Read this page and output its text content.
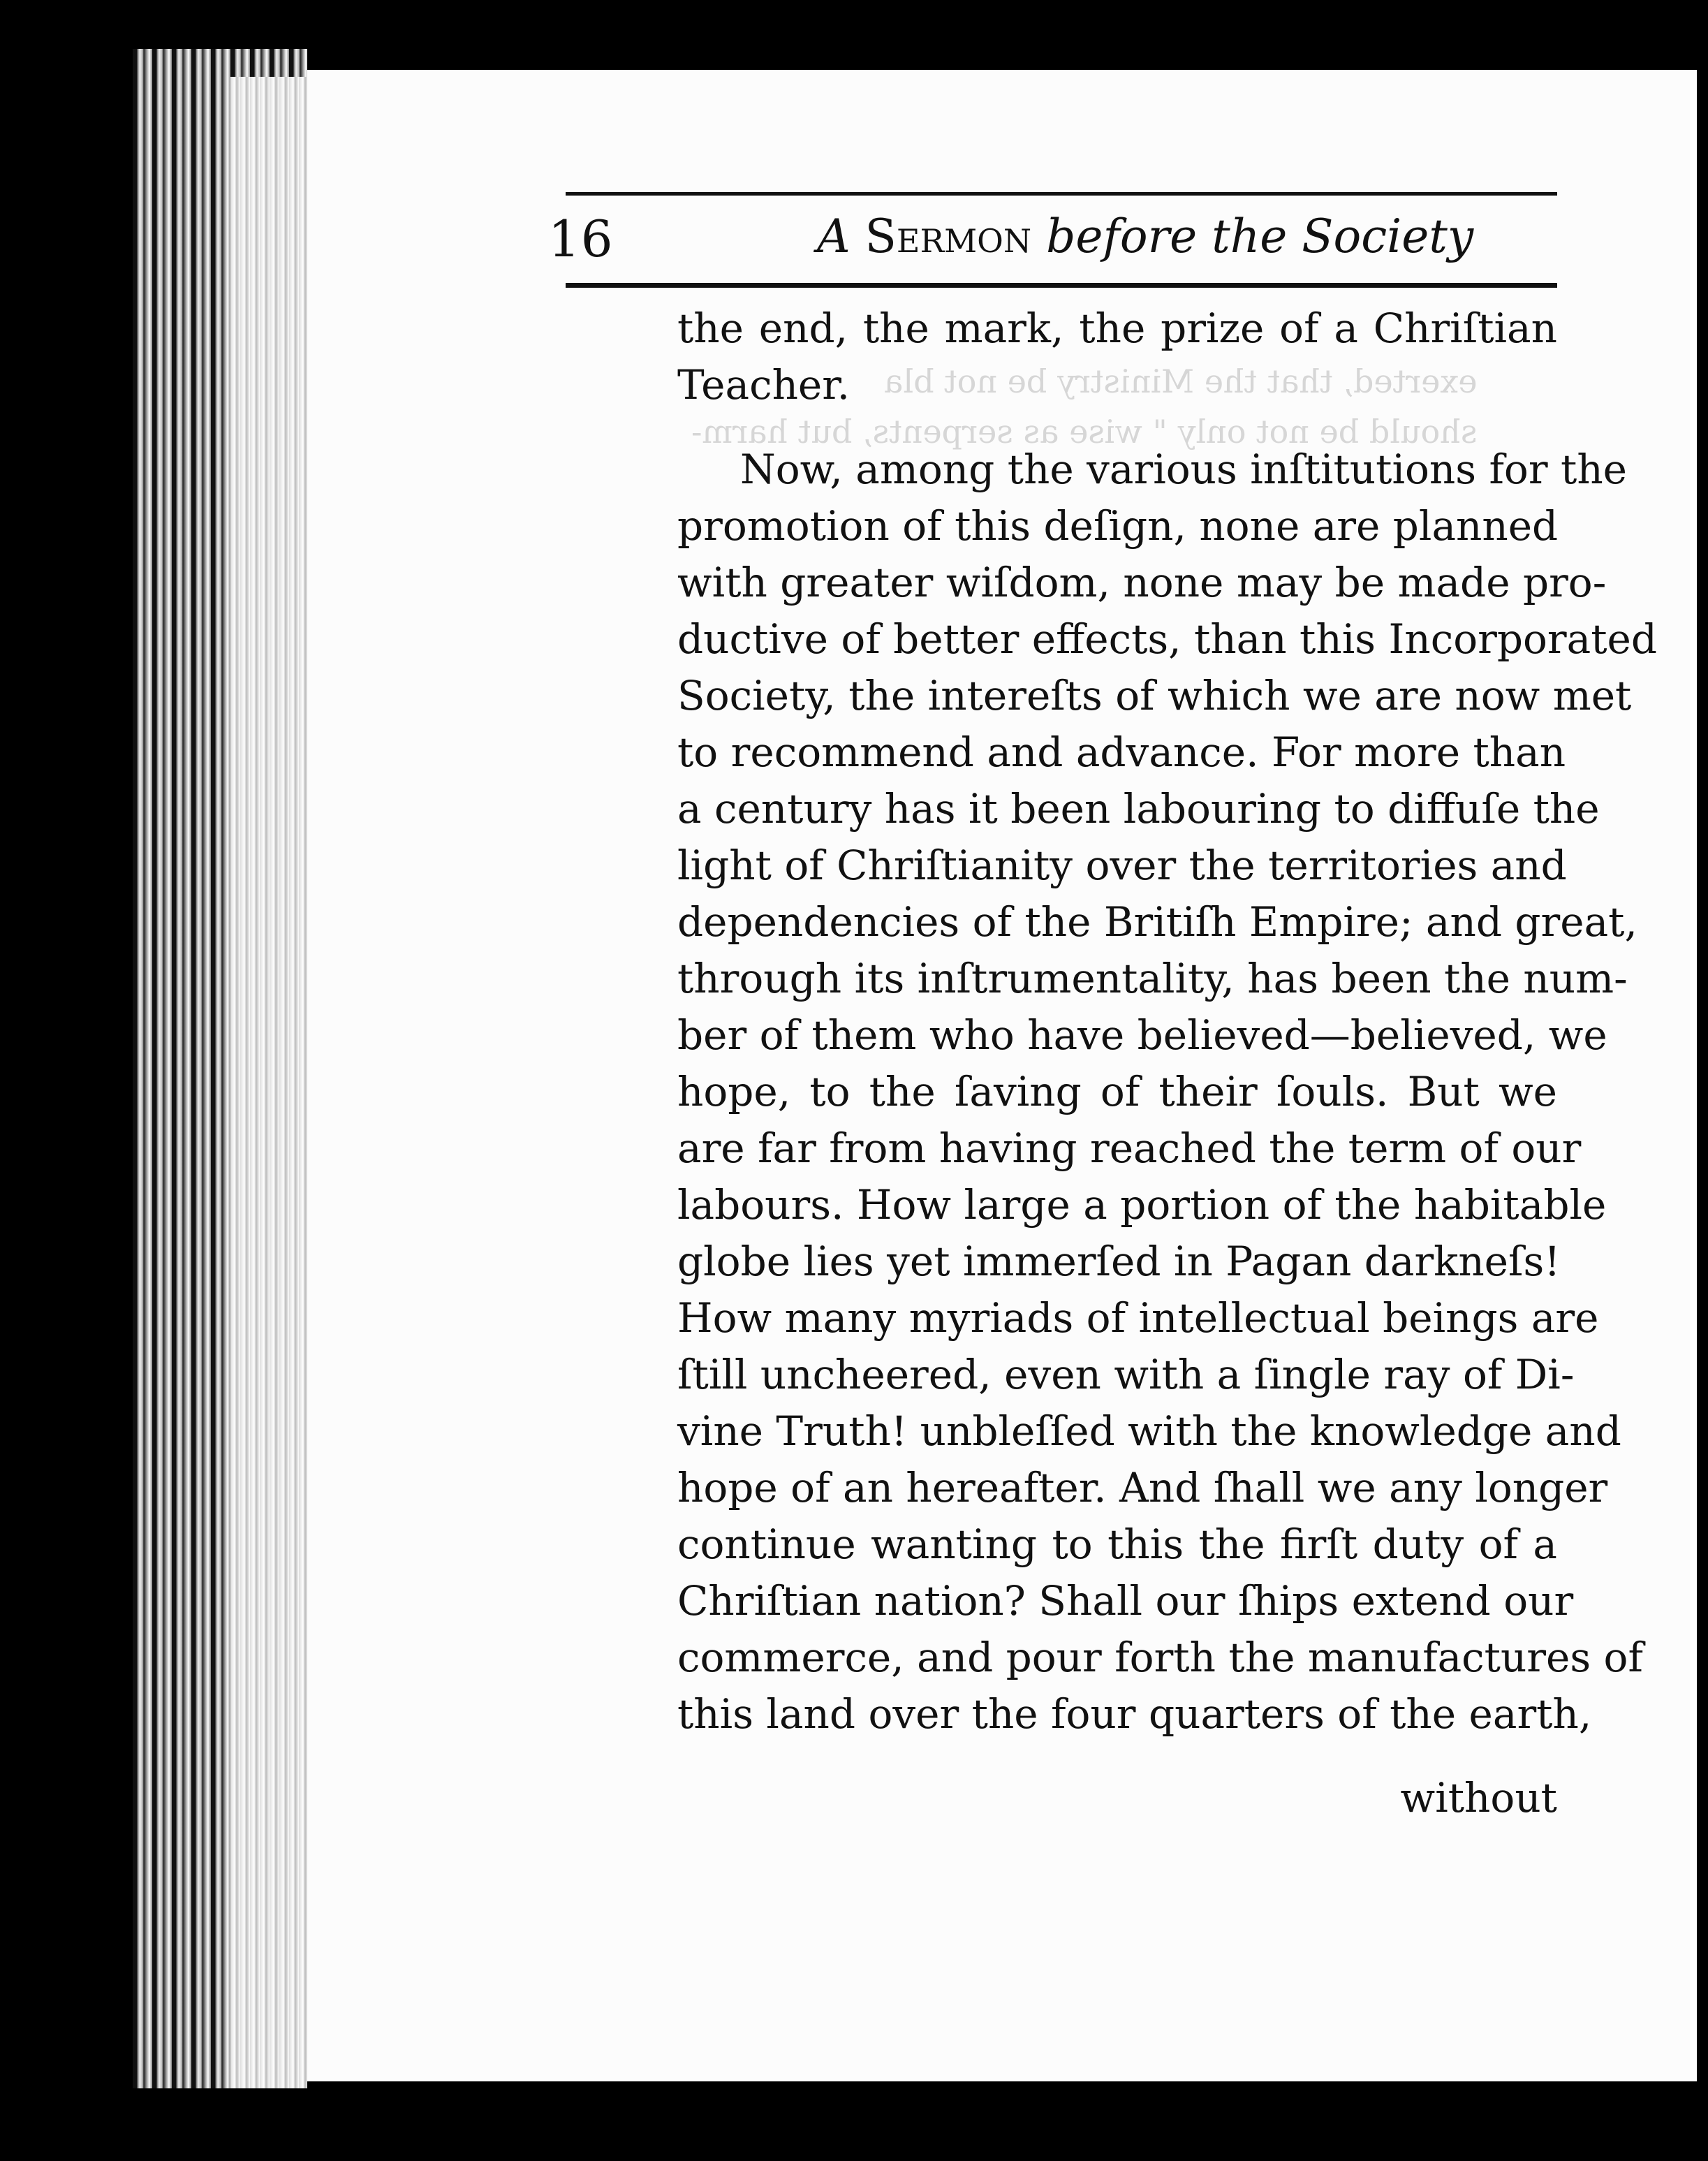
exerted, that the Ministry be not bla
should be not only " wise as serpents, but harm-
16	A Sermon before the Society
the end, the mark, the prize of a Chriſtian
Teacher.
Now, among the various inſtitutions for the
promotion of this deſign, none are planned
with greater wiſdom, none may be made pro-
ductive of better effects, than this Incorporated
Society, the intereſts of which we are now met
to recommend and advance. For more than
a century has it been labouring to diffuſe the
light of Chriſtianity over the territories and
dependencies of the Britiſh Empire; and great,
through its inſtrumentality, has been the num-
ber of them who have believed—believed, we
hope, to the ſaving of their ſouls. But we
are far from having reached the term of our
labours. How large a portion of the habitable
globe lies yet immerſed in Pagan darkneſs!
How many myriads of intellectual beings are
ſtill uncheered, even with a ſingle ray of Di-
vine Truth! unbleſſed with the knowledge and
hope of an hereafter. And ſhall we any longer
continue wanting to this the firſt duty of a
Chriſtian nation? Shall our ſhips extend our
commerce, and pour forth the manufactures of
this land over the four quarters of the earth,
without
